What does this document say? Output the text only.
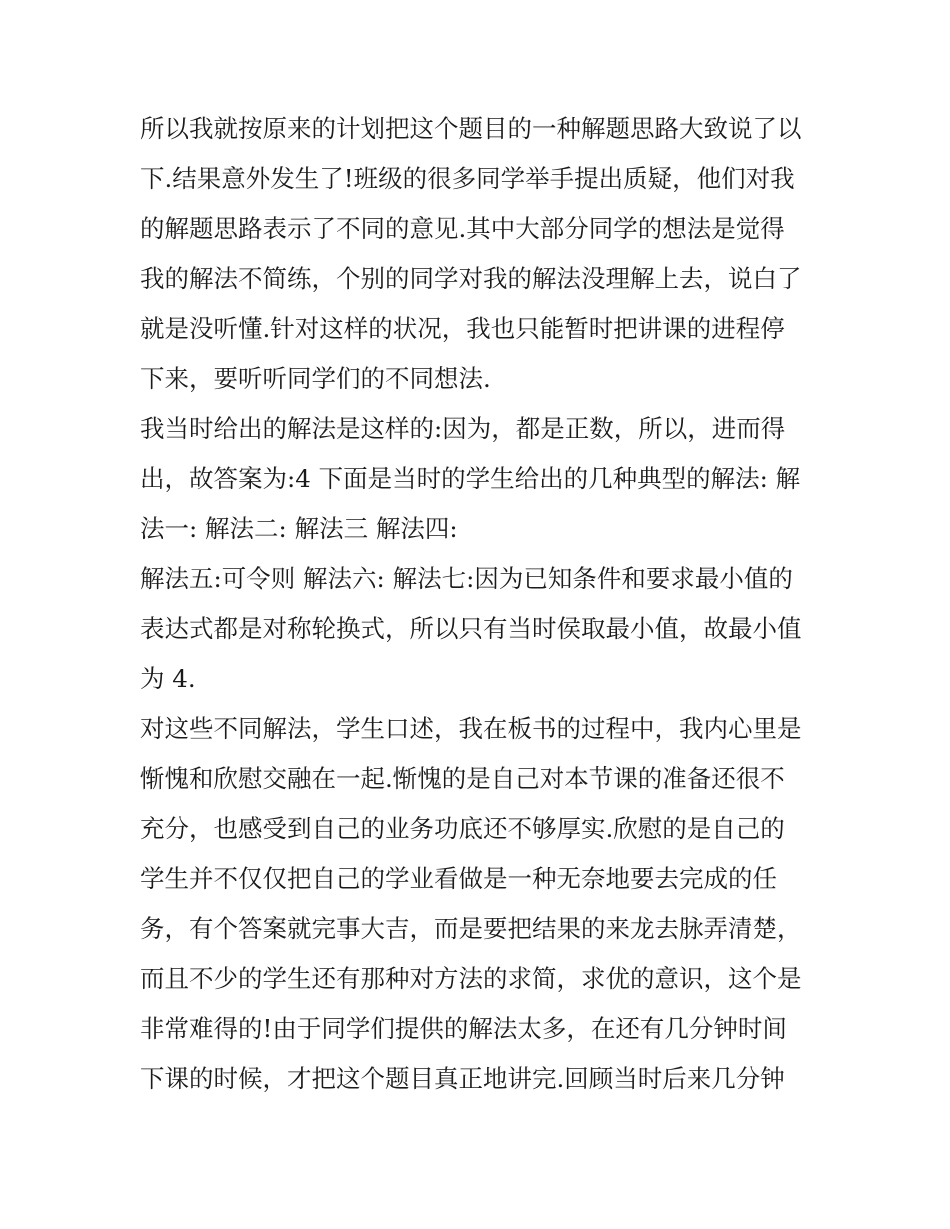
所以我就按原来的计划把这个题目的一种解题思路大致说了以
下.结果意外发生了!班级的很多同学举手提出质疑，他们对我
的解题思路表示了不同的意见.其中大部分同学的想法是觉得
我的解法不简练，个别的同学对我的解法没理解上去，说白了
就是没听懂.针对这样的状况，我也只能暂时把讲课的进程停
下来，要听听同学们的不同想法.
我当时给出的解法是这样的:因为，都是正数，所以，进而得
出，故答案为:4 下面是当时的学生给出的几种典型的解法: 解
法一: 解法二: 解法三 解法四:
解法五:可令则 解法六: 解法七:因为已知条件和要求最小值的
表达式都是对称轮换式，所以只有当时侯取最小值，故最小值
为 4.
对这些不同解法，学生口述，我在板书的过程中，我内心里是
惭愧和欣慰交融在一起.惭愧的是自己对本节课的准备还很不
充分，也感受到自己的业务功底还不够厚实.欣慰的是自己的
学生并不仅仅把自己的学业看做是一种无奈地要去完成的任
务，有个答案就完事大吉，而是要把结果的来龙去脉弄清楚，
而且不少的学生还有那种对方法的求简，求优的意识，这个是
非常难得的!由于同学们提供的解法太多，在还有几分钟时间
下课的时候，才把这个题目真正地讲完.回顾当时后来几分钟
